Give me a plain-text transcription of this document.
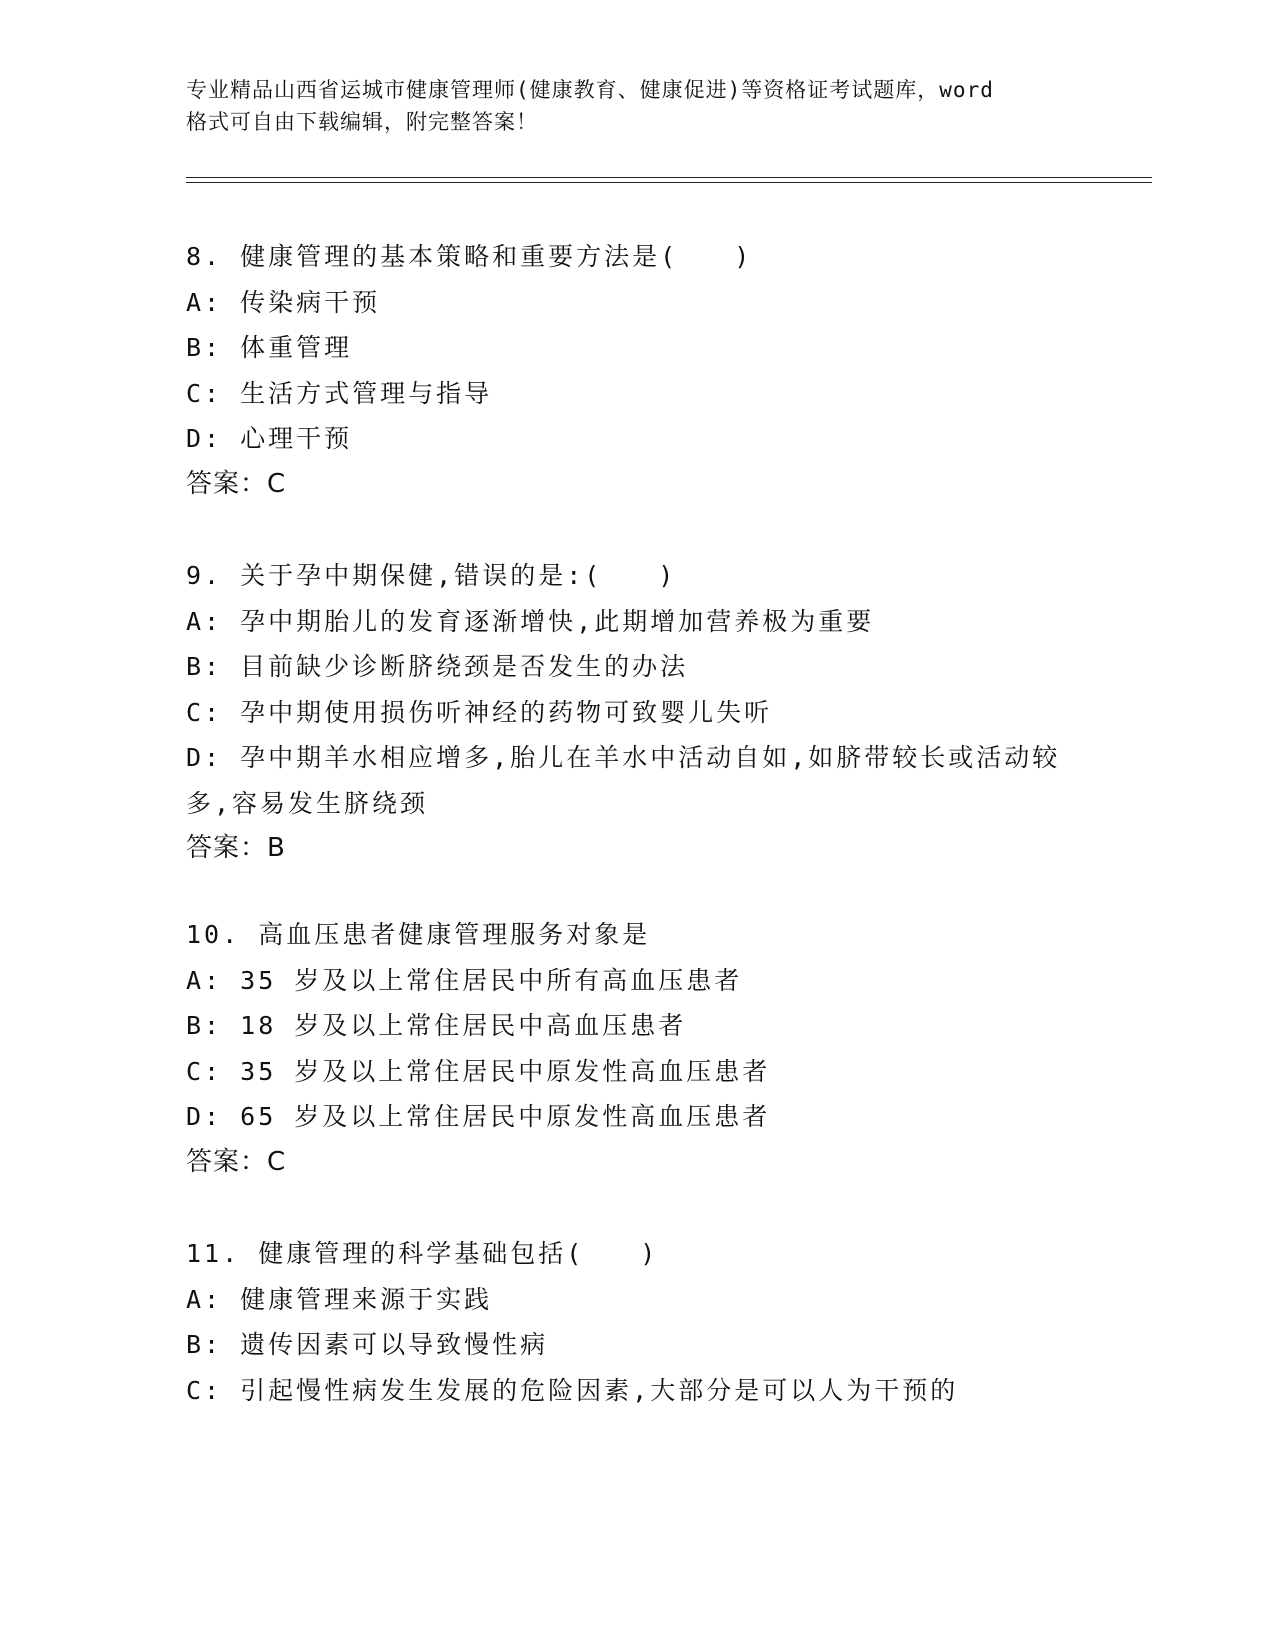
专业精品山西省运城市健康管理师(健康教育、健康促进)等资格证考试题库，word
格式可自由下载编辑，附完整答案！
8. 健康管理的基本策略和重要方法是(　　)
A: 传染病干预
B: 体重管理
C: 生活方式管理与指导
D: 心理干预
答案：C
9. 关于孕中期保健,错误的是:(　　)
A: 孕中期胎儿的发育逐渐增快,此期增加营养极为重要
B: 目前缺少诊断脐绕颈是否发生的办法
C: 孕中期使用损伤听神经的药物可致婴儿失听
D: 孕中期羊水相应增多,胎儿在羊水中活动自如,如脐带较长或活动较
多,容易发生脐绕颈
答案：B
10. 高血压患者健康管理服务对象是
A: 35 岁及以上常住居民中所有高血压患者
B: 18 岁及以上常住居民中高血压患者
C: 35 岁及以上常住居民中原发性高血压患者
D: 65 岁及以上常住居民中原发性高血压患者
答案：C
11. 健康管理的科学基础包括(　　)
A: 健康管理来源于实践
B: 遗传因素可以导致慢性病
C: 引起慢性病发生发展的危险因素,大部分是可以人为干预的
